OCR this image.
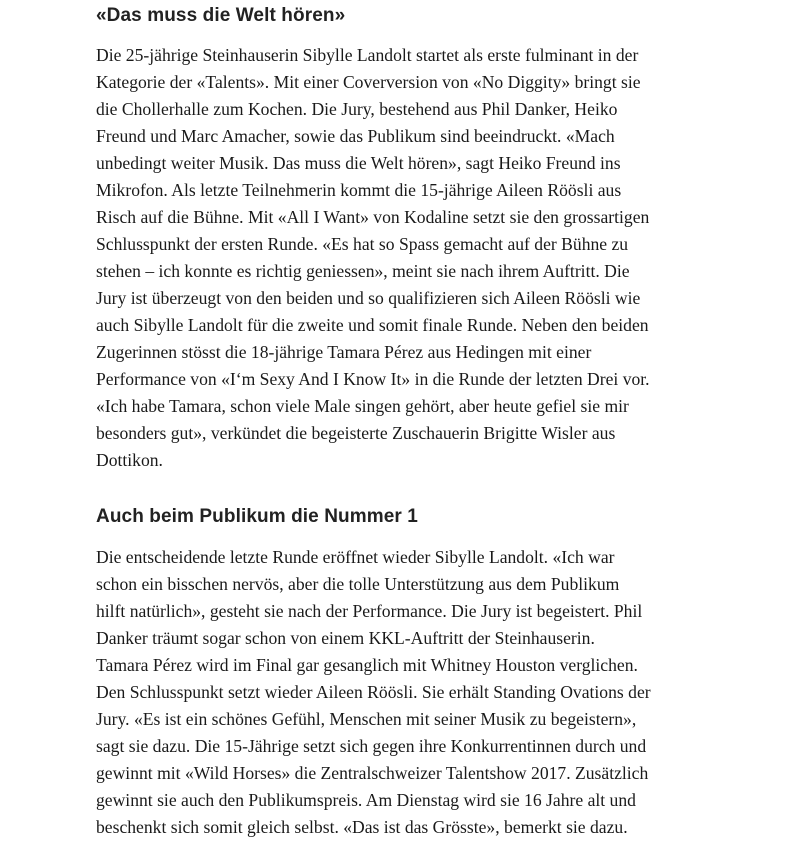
«Das muss die Welt hören»

Die 25-jährige Steinhauserin Sibylle Landolt startet als erste fulminant in der
Kategorie der «Talents». Mit einer Coverversion von «No Diggity» bringt sie
die Chollerhalle zum Kochen. Die Jury, bestehend aus Phil Danker, Heiko
Freund und Marc Amacher, sowie das Publikum sind beeindruckt. «Mach
unbedingt weiter Musik. Das muss die Welt hören», sagt Heiko Freund ins
Mikrofon. Als letzte Teilnehmerin kommt die 15-jährige Aileen Röösli aus
Risch auf die Bühne. Mit «All I Want» von Kodaline setzt sie den grossartigen
Schlusspunkt der ersten Runde. «Es hat so Spass gemacht auf der Bühne zu
stehen – ich konnte es richtig geniessen», meint sie nach ihrem Auftritt. Die
Jury ist überzeugt von den beiden und so qualifizieren sich Aileen Röösli wie
auch Sibylle Landolt für die zweite und somit finale Runde. Neben den beiden
Zugerinnen stösst die 18-jährige Tamara Pérez aus Hedingen mit einer
Performance von «I‘m Sexy And I Know It» in die Runde der letzten Drei vor.
«Ich habe Tamara, schon viele Male singen gehört, aber heute gefiel sie mir
besonders gut», verkündet die begeisterte Zuschauerin Brigitte Wisler aus
Dottikon.

Auch beim Publikum die Nummer 1

Die entscheidende letzte Runde eröffnet wieder Sibylle Landolt. «Ich war
schon ein bisschen nervös, aber die tolle Unterstützung aus dem Publikum
hilft natürlich», gesteht sie nach der Performance. Die Jury ist begeistert. Phil
Danker träumt sogar schon von einem KKL-Auftritt der Steinhauserin.
Tamara Pérez wird im Final gar gesanglich mit Whitney Houston verglichen.
Den Schlusspunkt setzt wieder Aileen Röösli. Sie erhält Standing Ovations der
Jury. «Es ist ein schönes Gefühl, Menschen mit seiner Musik zu begeistern»,
sagt sie dazu. Die 15-Jährige setzt sich gegen ihre Konkurrentinnen durch und
gewinnt mit «Wild Horses» die Zentralschweizer Talentshow 2017. Zusätzlich
gewinnt sie auch den Publikumspreis. Am Dienstag wird sie 16 Jahre alt und
beschenkt sich somit gleich selbst. «Das ist das Grösste», bemerkt sie dazu.
